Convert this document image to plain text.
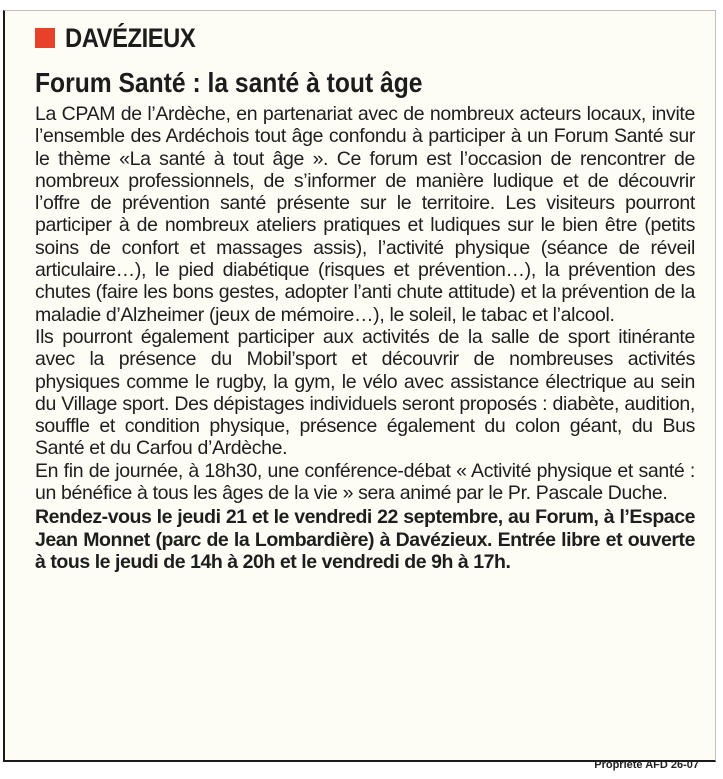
DAVÉZIEUX
Forum Santé : la santé à tout âge

La CPAM de l’Ardèche, en partenariat avec de nombreux acteurs locaux, invite l’ensemble des Ardéchois tout âge confondu à participer à un Forum Santé sur le thème «La santé à tout âge ». Ce forum est l’occasion de rencontrer de nombreux professionnels, de s’informer de manière ludique et de découvrir l’offre de prévention santé présente sur le territoire. Les visiteurs pourront participer à de nombreux ateliers pratiques et ludiques sur le bien être (petits soins de confort et massages assis), l’activité physique (séance de réveil articulaire…), le pied diabétique (risques et prévention…), la prévention des chutes (faire les bons gestes, adopter l’anti chute attitude) et la prévention de la maladie d’Alzheimer (jeux de mémoire…), le soleil, le tabac et l’alcool.

Ils pourront également participer aux activités de la salle de sport itinérante avec la présence du Mobil’sport et découvrir de nombreuses activités physiques comme le rugby, la gym, le vélo avec assistance électrique au sein du Village sport. Des dépistages individuels seront proposés : diabète, audition, souffle et condition physique, présence également du colon géant, du Bus Santé et du Carfou d’Ardèche.

En fin de journée, à 18h30, une conférence-débat « Activité physique et santé : un bénéfice à tous les âges de la vie » sera animé par le Pr. Pascale Duche.

Rendez-vous le jeudi 21 et le vendredi 22 septembre, au Forum, à l’Espace Jean Monnet (parc de la Lombardière) à Davézieux. Entrée libre et ouverte à tous le jeudi de 14h à 20h et le vendredi de 9h à 17h.

Propriété AFD 26-07
